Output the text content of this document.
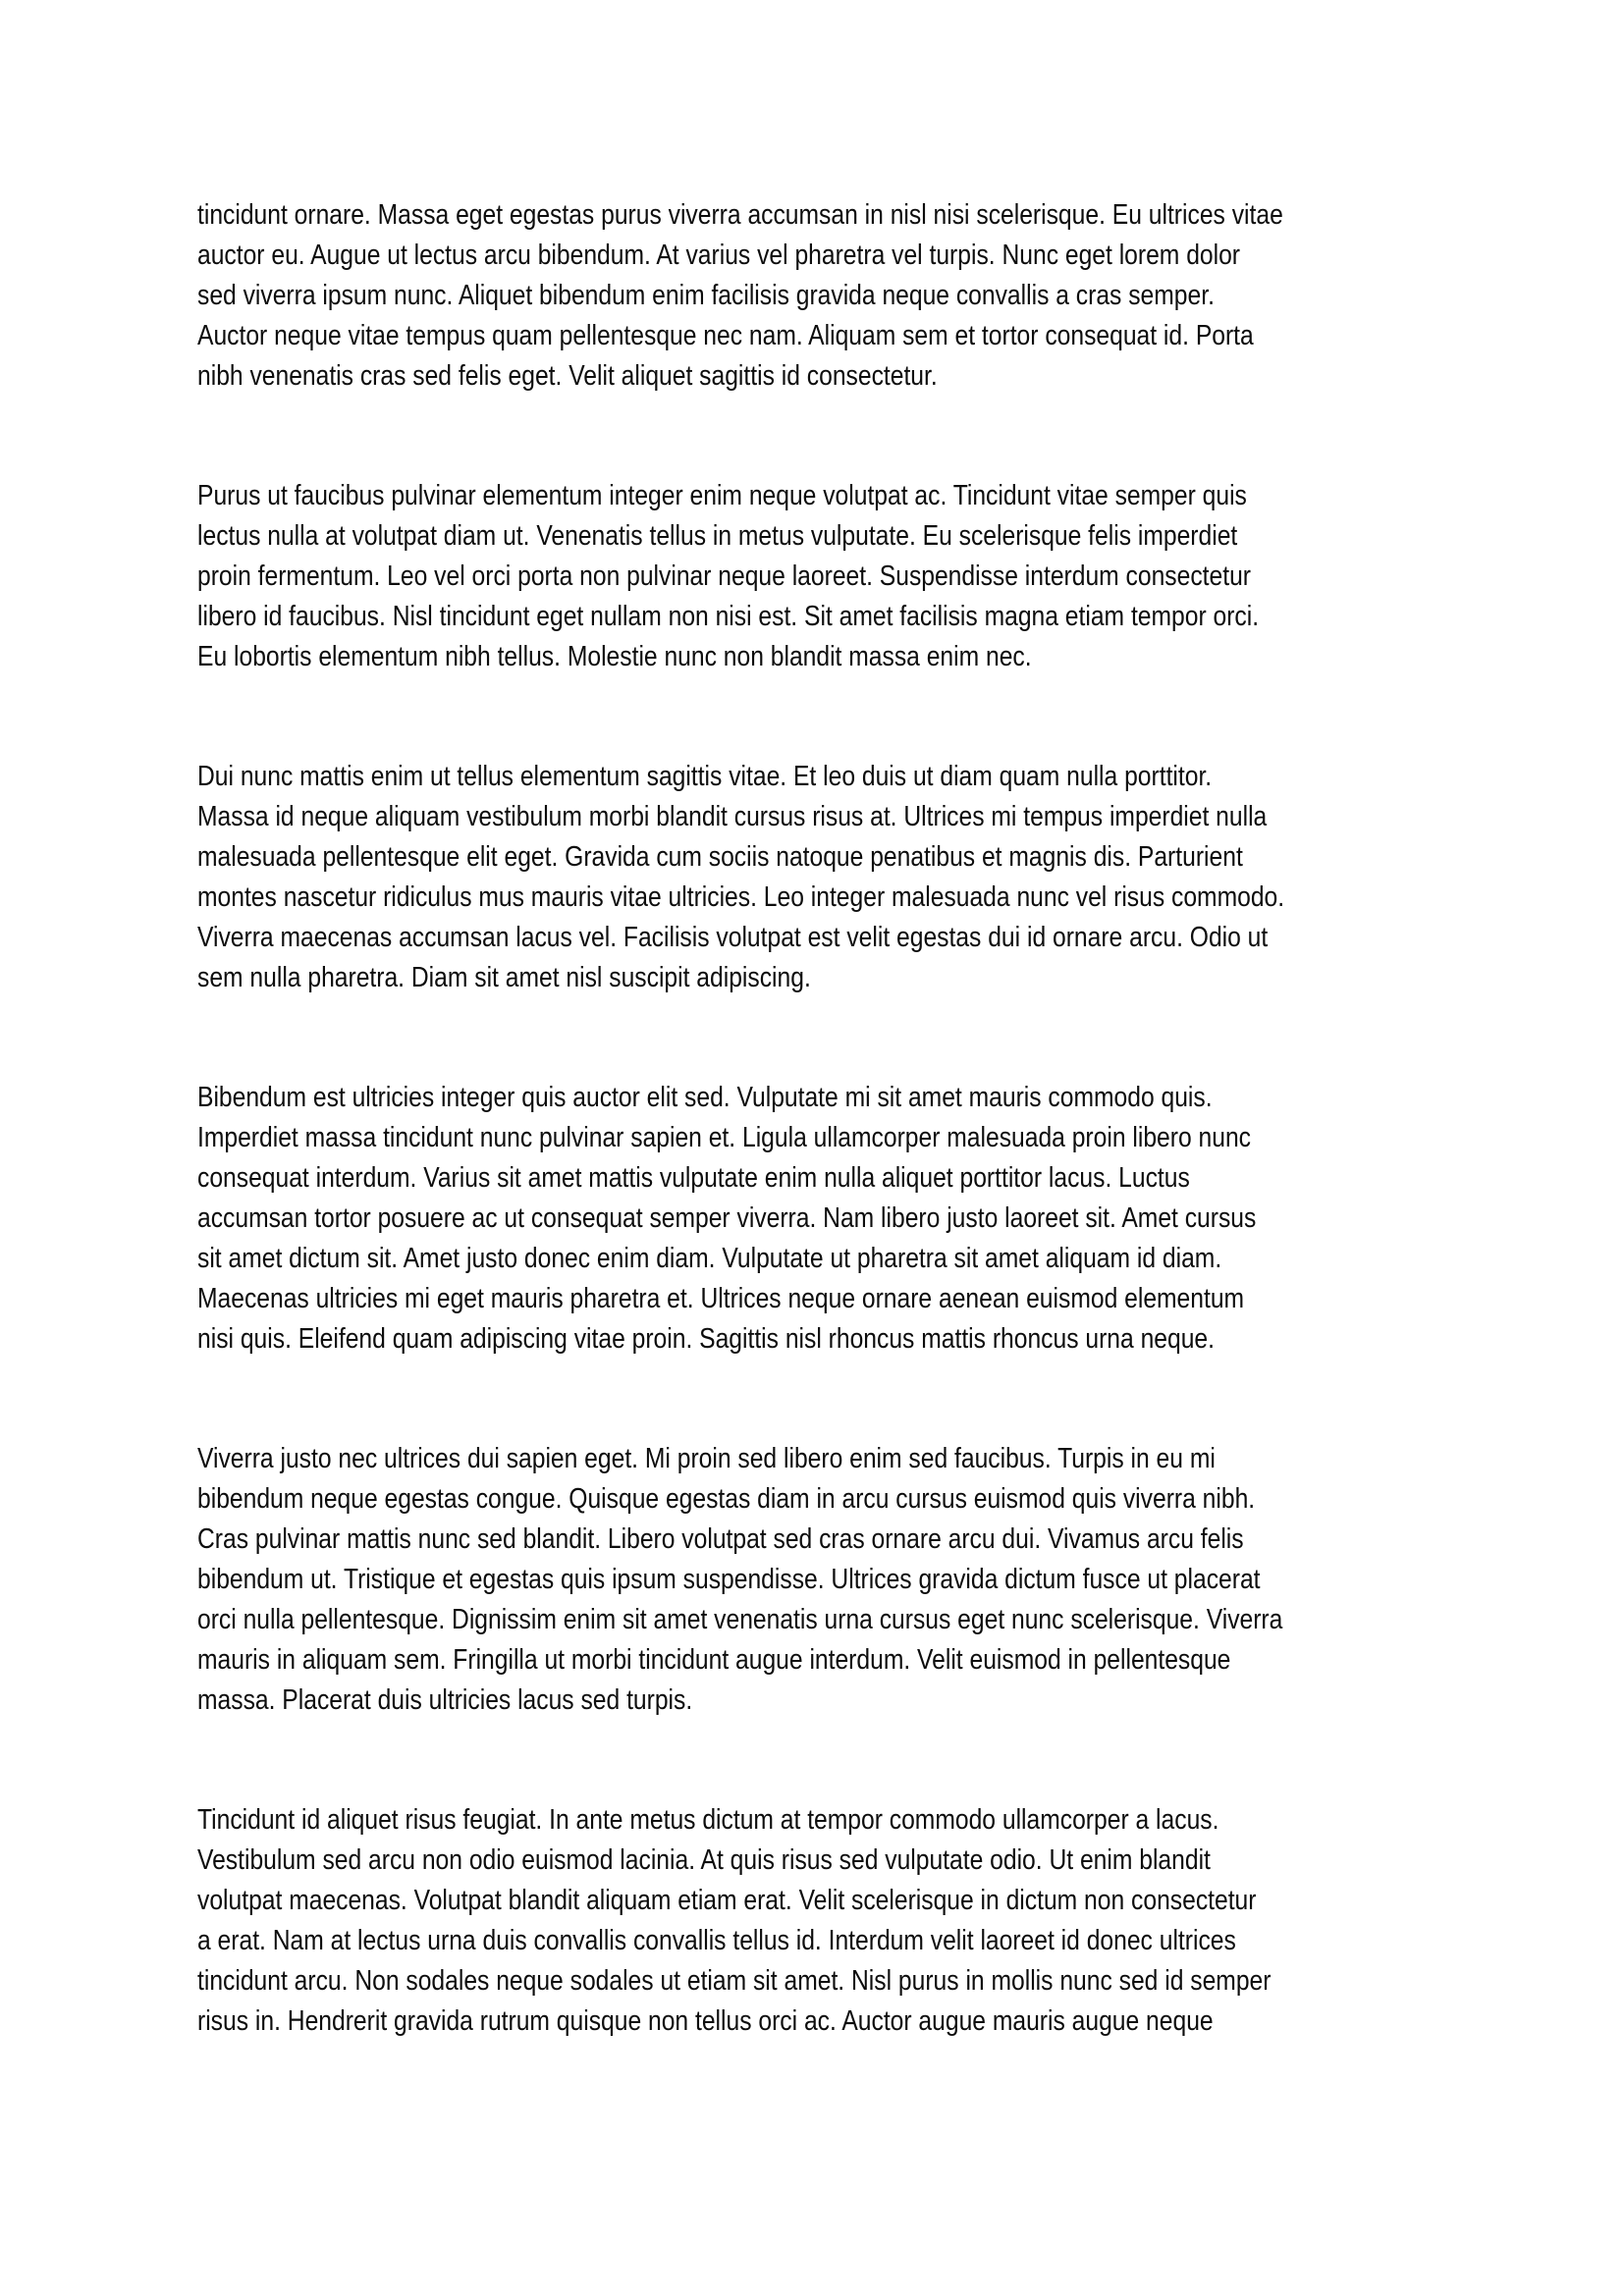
tincidunt ornare. Massa eget egestas purus viverra accumsan in nisl nisi scelerisque. Eu ultrices vitae
auctor eu. Augue ut lectus arcu bibendum. At varius vel pharetra vel turpis. Nunc eget lorem dolor
sed viverra ipsum nunc. Aliquet bibendum enim facilisis gravida neque convallis a cras semper.
Auctor neque vitae tempus quam pellentesque nec nam. Aliquam sem et tortor consequat id. Porta
nibh venenatis cras sed felis eget. Velit aliquet sagittis id consectetur.

Purus ut faucibus pulvinar elementum integer enim neque volutpat ac. Tincidunt vitae semper quis
lectus nulla at volutpat diam ut. Venenatis tellus in metus vulputate. Eu scelerisque felis imperdiet
proin fermentum. Leo vel orci porta non pulvinar neque laoreet. Suspendisse interdum consectetur
libero id faucibus. Nisl tincidunt eget nullam non nisi est. Sit amet facilisis magna etiam tempor orci.
Eu lobortis elementum nibh tellus. Molestie nunc non blandit massa enim nec.

Dui nunc mattis enim ut tellus elementum sagittis vitae. Et leo duis ut diam quam nulla porttitor.
Massa id neque aliquam vestibulum morbi blandit cursus risus at. Ultrices mi tempus imperdiet nulla
malesuada pellentesque elit eget. Gravida cum sociis natoque penatibus et magnis dis. Parturient
montes nascetur ridiculus mus mauris vitae ultricies. Leo integer malesuada nunc vel risus commodo.
Viverra maecenas accumsan lacus vel. Facilisis volutpat est velit egestas dui id ornare arcu. Odio ut
sem nulla pharetra. Diam sit amet nisl suscipit adipiscing.

Bibendum est ultricies integer quis auctor elit sed. Vulputate mi sit amet mauris commodo quis.
Imperdiet massa tincidunt nunc pulvinar sapien et. Ligula ullamcorper malesuada proin libero nunc
consequat interdum. Varius sit amet mattis vulputate enim nulla aliquet porttitor lacus. Luctus
accumsan tortor posuere ac ut consequat semper viverra. Nam libero justo laoreet sit. Amet cursus
sit amet dictum sit. Amet justo donec enim diam. Vulputate ut pharetra sit amet aliquam id diam.
Maecenas ultricies mi eget mauris pharetra et. Ultrices neque ornare aenean euismod elementum
nisi quis. Eleifend quam adipiscing vitae proin. Sagittis nisl rhoncus mattis rhoncus urna neque.

Viverra justo nec ultrices dui sapien eget. Mi proin sed libero enim sed faucibus. Turpis in eu mi
bibendum neque egestas congue. Quisque egestas diam in arcu cursus euismod quis viverra nibh.
Cras pulvinar mattis nunc sed blandit. Libero volutpat sed cras ornare arcu dui. Vivamus arcu felis
bibendum ut. Tristique et egestas quis ipsum suspendisse. Ultrices gravida dictum fusce ut placerat
orci nulla pellentesque. Dignissim enim sit amet venenatis urna cursus eget nunc scelerisque. Viverra
mauris in aliquam sem. Fringilla ut morbi tincidunt augue interdum. Velit euismod in pellentesque
massa. Placerat duis ultricies lacus sed turpis.

Tincidunt id aliquet risus feugiat. In ante metus dictum at tempor commodo ullamcorper a lacus.
Vestibulum sed arcu non odio euismod lacinia. At quis risus sed vulputate odio. Ut enim blandit
volutpat maecenas. Volutpat blandit aliquam etiam erat. Velit scelerisque in dictum non consectetur
a erat. Nam at lectus urna duis convallis convallis tellus id. Interdum velit laoreet id donec ultrices
tincidunt arcu. Non sodales neque sodales ut etiam sit amet. Nisl purus in mollis nunc sed id semper
risus in. Hendrerit gravida rutrum quisque non tellus orci ac. Auctor augue mauris augue neque
